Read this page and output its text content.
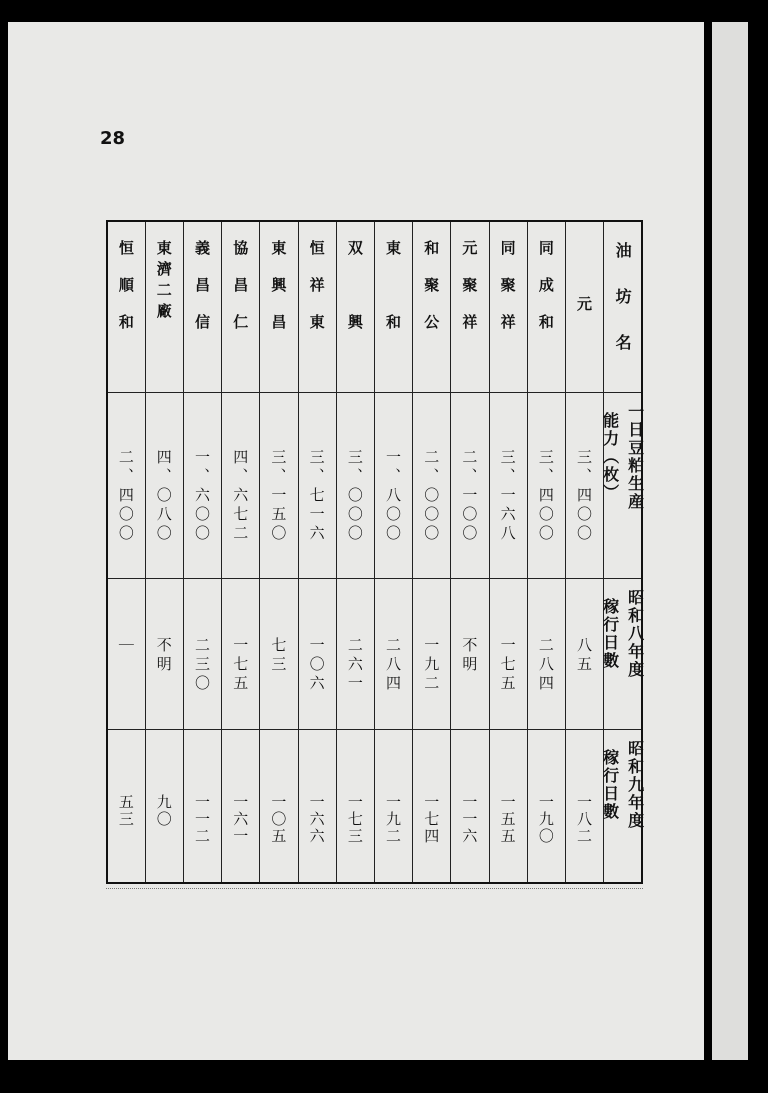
28
恒順和	東濟二廠	義昌信	協昌仁	東興昌	恒祥東	双　興	東　和	和聚公	元聚祥	同聚祥	同成和	元　　　	油坊名
二、四〇〇	四、〇八〇	一、六〇〇	四、六七二	三、一五〇	三、七一六	三、〇〇〇	一、八〇〇	二、〇〇〇	二、一〇〇	三、一六八	三、四〇〇	三、四〇〇	一日豆粕生産
能力（枚）

｜	不明	二三〇	一七五	七三	一〇六	二六一	二八四	一九二	不明	一七五	二八四	八五	昭和八年度
稼行日數

五三	九〇	一一二	一六一	一〇五	一六六	一七三	一九二	一七四	一一六	一五五	一九〇	一八二	昭和九年度
稼行日數
